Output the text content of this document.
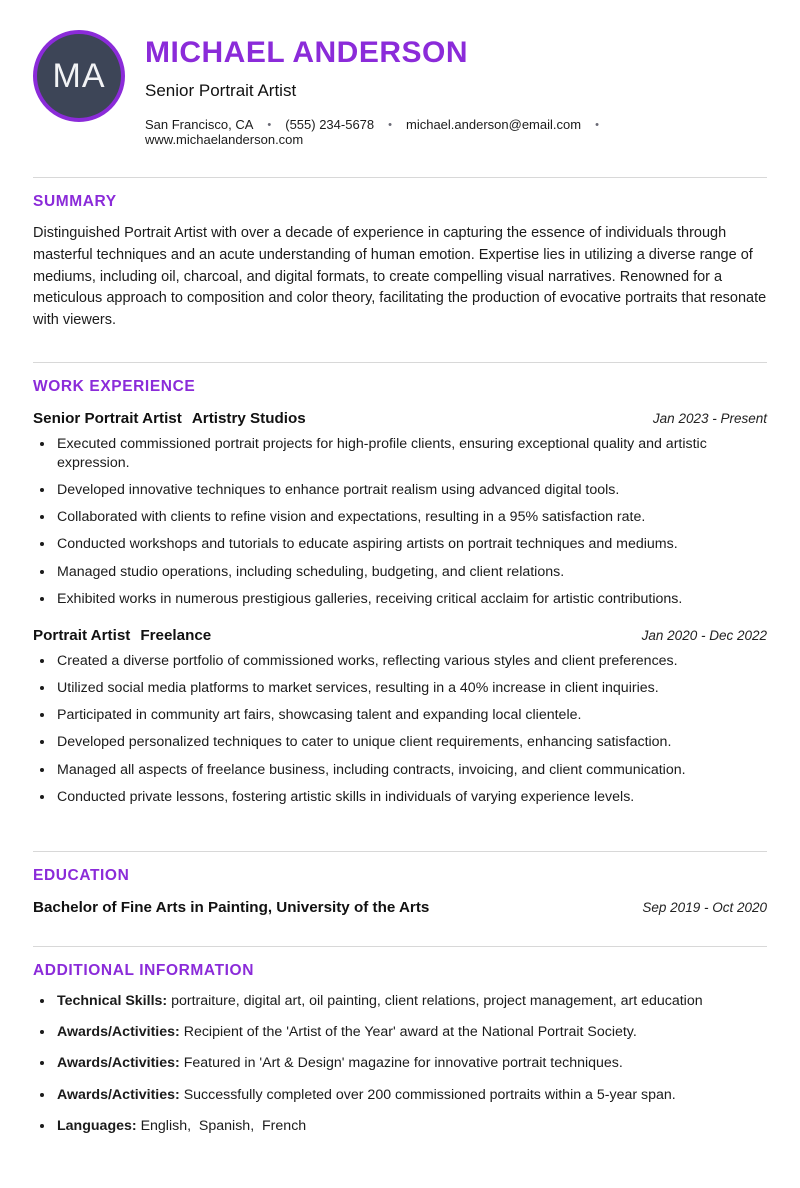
MA
MICHAEL ANDERSON

Senior Portrait Artist

San Francisco, CA • (555) 234-5678 • michael.anderson@email.com •
www.michaelanderson.com
SUMMARY

Distinguished Portrait Artist with over a decade of experience in capturing the essence of individuals through masterful techniques and an acute understanding of human emotion. Expertise lies in utilizing a diverse range of mediums, including oil, charcoal, and digital formats, to create compelling visual narratives. Renowned for a meticulous approach to composition and color theory, facilitating the production of evocative portraits that resonate with viewers.

WORK EXPERIENCE
Senior Portrait Artist Artistry Studios	Jan 2023 - Present
• Executed commissioned portrait projects for high-profile clients, ensuring exceptional quality and artistic expression.
• Developed innovative techniques to enhance portrait realism using advanced digital tools.
• Collaborated with clients to refine vision and expectations, resulting in a 95% satisfaction rate.
• Conducted workshops and tutorials to educate aspiring artists on portrait techniques and mediums.
• Managed studio operations, including scheduling, budgeting, and client relations.
• Exhibited works in numerous prestigious galleries, receiving critical acclaim for artistic contributions.
Portrait Artist Freelance	Jan 2020 - Dec 2022
• Created a diverse portfolio of commissioned works, reflecting various styles and client preferences.
• Utilized social media platforms to market services, resulting in a 40% increase in client inquiries.
• Participated in community art fairs, showcasing talent and expanding local clientele.
• Developed personalized techniques to cater to unique client requirements, enhancing satisfaction.
• Managed all aspects of freelance business, including contracts, invoicing, and client communication.
• Conducted private lessons, fostering artistic skills in individuals of varying experience levels.
EDUCATION
Bachelor of Fine Arts in Painting, University of the Arts	Sep 2019 - Oct 2020
ADDITIONAL INFORMATION
• Technical Skills: portraiture, digital art, oil painting, client relations, project management, art education
• Awards/Activities: Recipient of the 'Artist of the Year' award at the National Portrait Society.
• Awards/Activities: Featured in 'Art & Design' magazine for innovative portrait techniques.
• Awards/Activities: Successfully completed over 200 commissioned portraits within a 5-year span.
• Languages: English,  Spanish,  French
